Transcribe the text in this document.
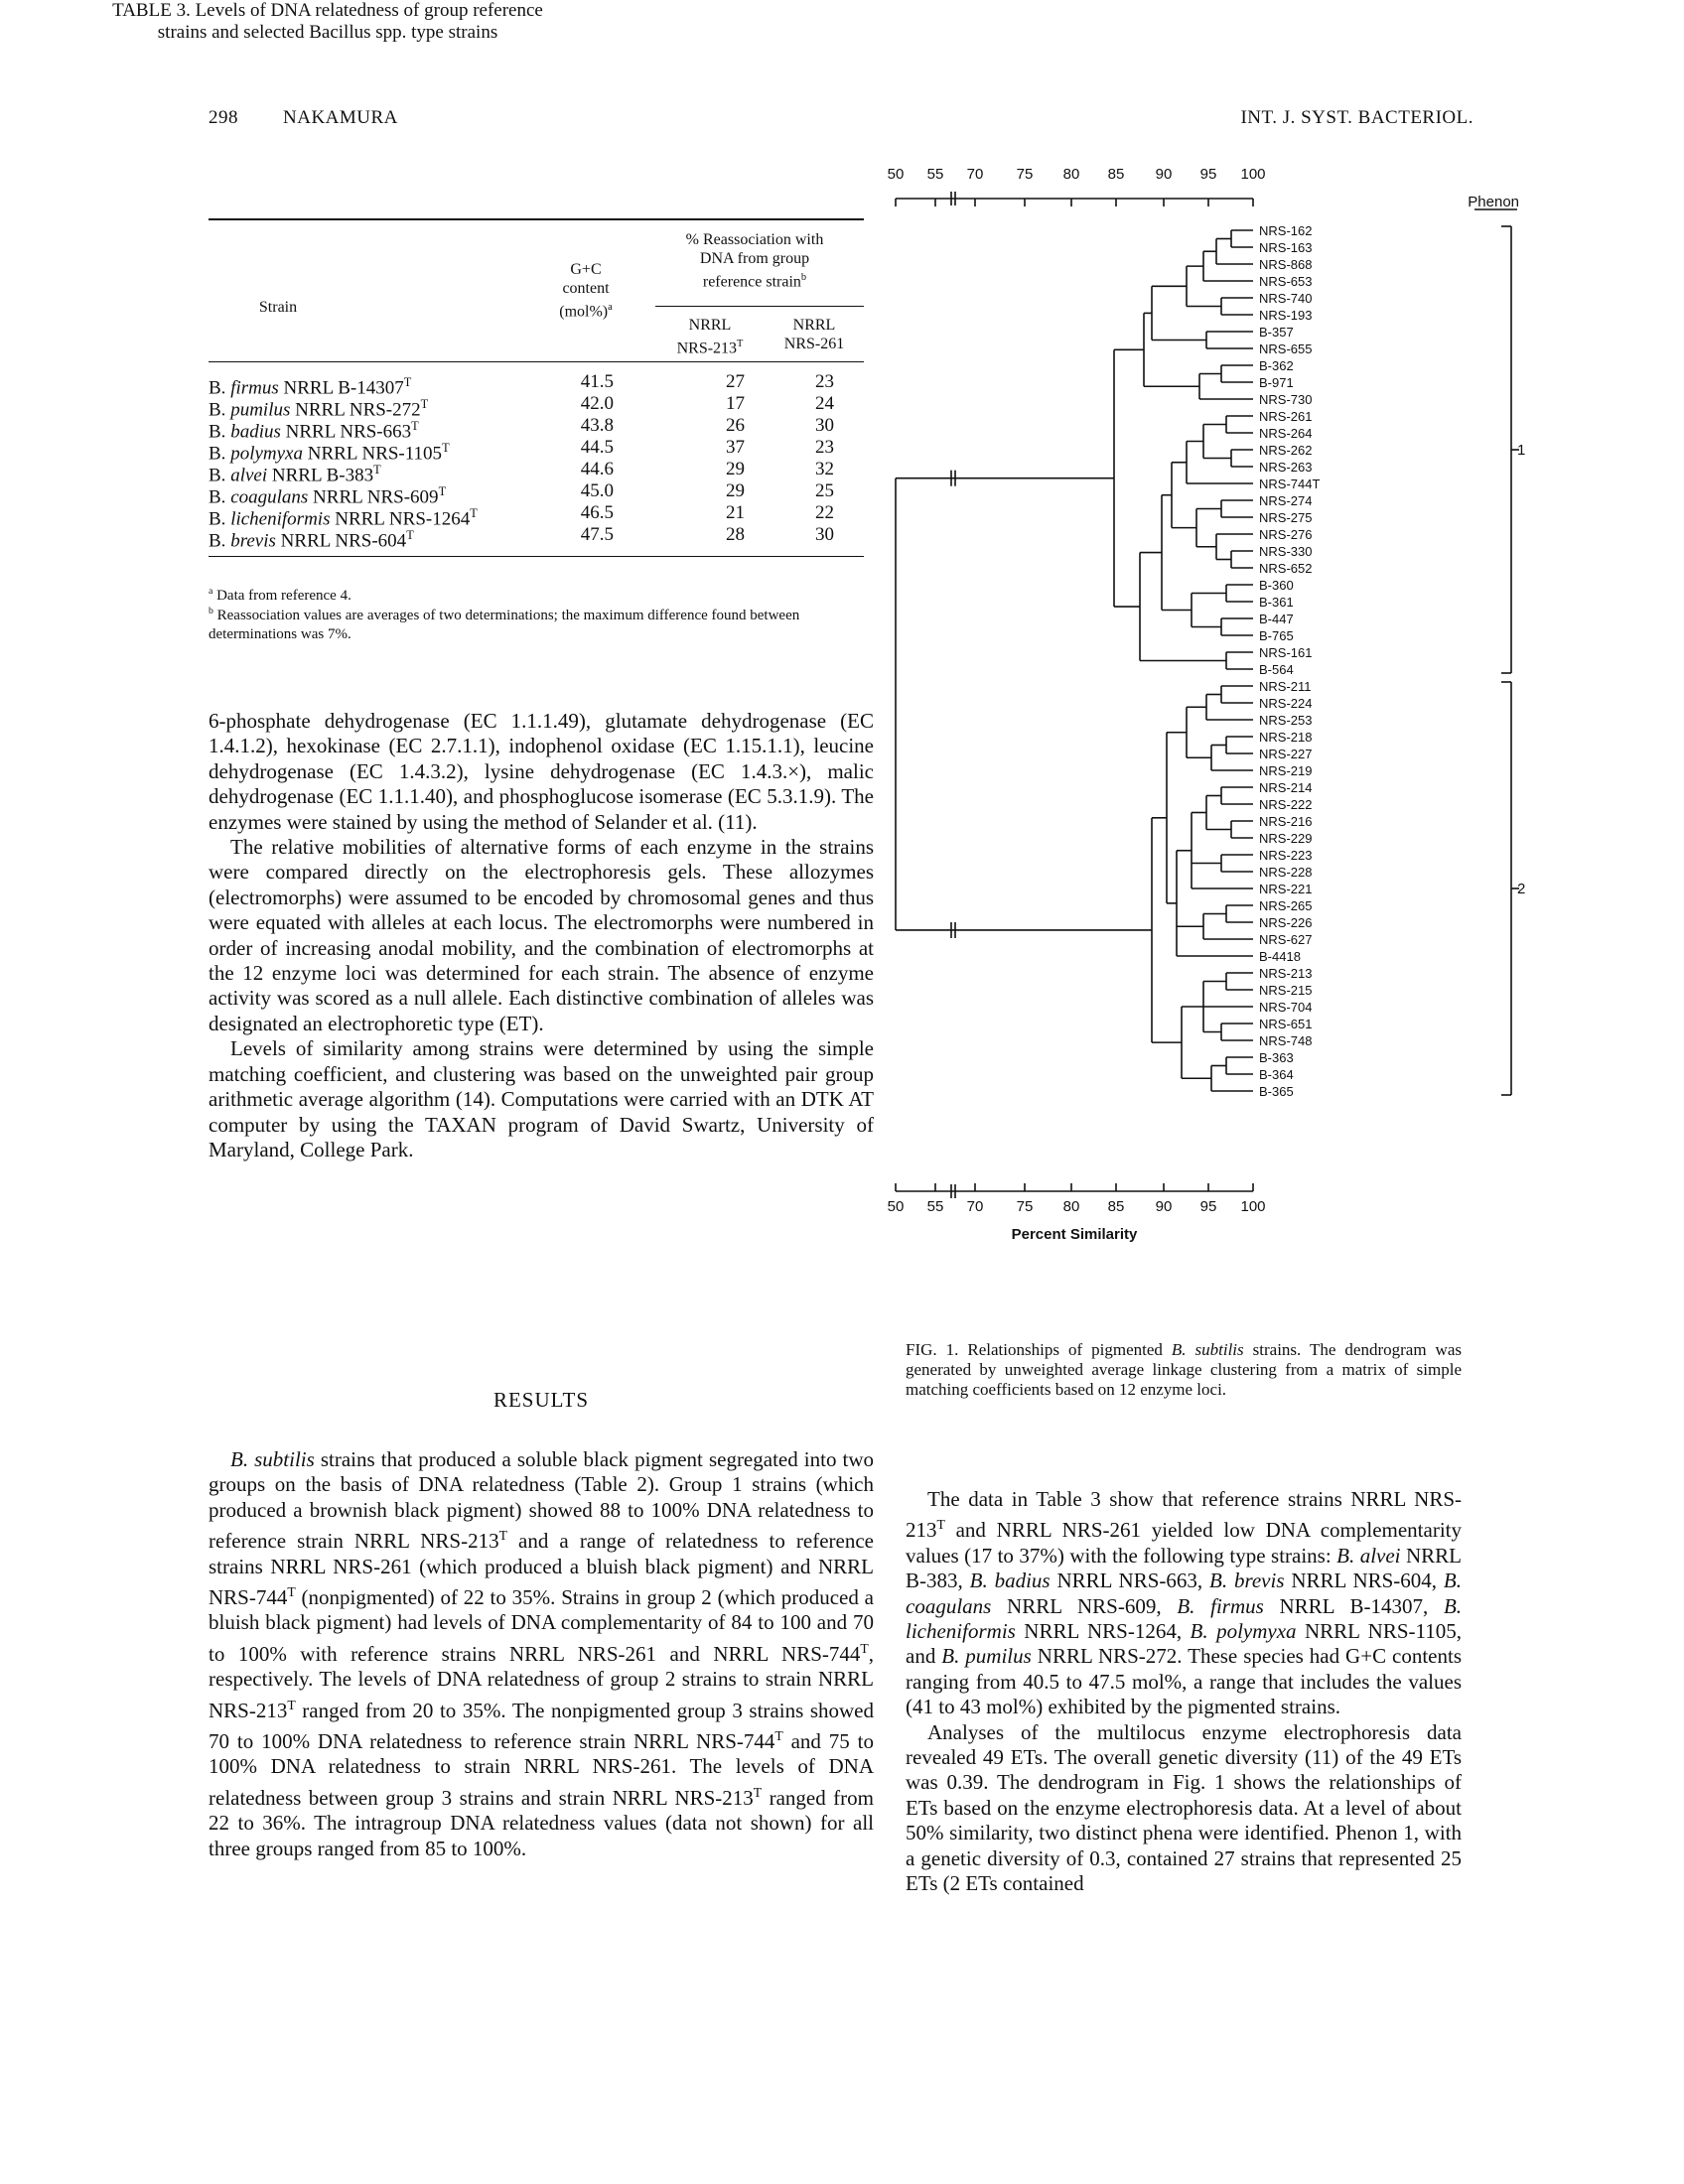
298 NAKAMURA	INT. J. SYST. BACTERIOL.
TABLE 3. Levels of DNA relatedness of group reference
strains and selected Bacillus spp. type strains
Strain
G+C
content
$(mol\%)^a$
% Reassociation with
DNA from group
reference strain$^b$
NRRL
NRS-$213^T$
NRRL
NRS-261
B. firmus NRRL $B-14307^T$	41.5	27	23
B. pumilus NRRL NRS-$272^T$	42.0	17	24
B. badius NRRL NRS-$663^T$	43.8	26	30
B. polymyxa NRRL NRS-$1105^T$	44.5	37	23
B. alvei NRRL $B-383^T$	44.6	29	32
B. coagulans NRRL NRS-$609^T$	45.0	29	25
B. licheniformis NRRL NRS-$1264^T$	46.5	21	22
B. brevis NRRL NRS-$604^T$	47.5	28	30
$^a$ Data from reference 4.
$^b$ Reassociation values are averages of two determinations; the maximum difference found between determinations was 7%.

6-phosphate dehydrogenase (EC 1.1.1.49), glutamate dehydrogenase (EC 1.4.1.2), hexokinase (EC 2.7.1.1), indophenol oxidase (EC 1.15.1.1), leucine dehydrogenase (EC 1.4.3.2), lysine dehydrogenase (EC 1.4.3.×), malic dehydrogenase (EC 1.1.1.40), and phosphoglucose isomerase (EC 5.3.1.9). The enzymes were stained by using the method of Selander et al. (11).

The relative mobilities of alternative forms of each enzyme in the strains were compared directly on the electrophoresis gels. These allozymes (electromorphs) were assumed to be encoded by chromosomal genes and thus were equated with alleles at each locus. The electromorphs were numbered in order of increasing anodal mobility, and the combination of electromorphs at the 12 enzyme loci was determined for each strain. The absence of enzyme activity was scored as a null allele. Each distinctive combination of alleles was designated an electrophoretic type (ET).

Levels of similarity among strains were determined by using the simple matching coefficient, and clustering was based on the unweighted pair group arithmetic average algorithm (14). Computations were carried with an DTK AT computer by using the TAXAN program of David Swartz, University of Maryland, College Park.

RESULTS

B. subtilis strains that produced a soluble black pigment segregated into two groups on the basis of DNA relatedness (Table 2). Group 1 strains (which produced a brownish black pigment) showed 88 to 100% DNA relatedness to reference strain NRRL NRS-$213^T$ and a range of relatedness to reference strains NRRL NRS-261 (which produced a bluish black pigment) and NRRL NRS-$744^T$ (nonpigmented) of 22 to 35%. Strains in group 2 (which produced a bluish black pigment) had levels of DNA complementarity of 84 to 100 and 70 to 100% with reference strains NRRL NRS-261 and NRRL NRS-$744^T$, respectively. The levels of DNA relatedness of group 2 strains to strain NRRL NRS-$213^T$ ranged from 20 to 35%. The nonpigmented group 3 strains showed 70 to 100% DNA relatedness to reference strain NRRL NRS-$744^T$ and 75 to 100% DNA relatedness to strain NRRL NRS-261. The levels of DNA relatedness between group 3 strains and strain NRRL NRS-$213^T$ ranged from 22 to 36%. The intragroup DNA relatedness values (data not shown) for all three groups ranged from 85 to 100%.

50 55 70 75 80 85 90 95 100
50 55 70 75 80 85 90 95 100
Percent Similarity
Phenon
NRS-162
NRS-163
NRS-868
NRS-653
NRS-740
NRS-193
B-357
NRS-655
B-362
B-971
NRS-730
NRS-261
NRS-264
NRS-262
NRS-263
NRS-744T
NRS-274
NRS-275
NRS-276
NRS-330
NRS-652
B-360
B-361
B-447
B-765
NRS-161
B-564
NRS-211
NRS-224
NRS-253
NRS-218
NRS-227
NRS-219
NRS-214
NRS-222
NRS-216
NRS-229
NRS-223
NRS-228
NRS-221
NRS-265
NRS-226
NRS-627
B-4418
NRS-213
NRS-215
NRS-704
NRS-651
NRS-748
B-363
B-364
B-365
1
2
FIG. 1. Relationships of pigmented B. subtilis strains. The dendrogram was generated by unweighted average linkage clustering from a matrix of simple matching coefficients based on 12 enzyme loci.

The data in Table 3 show that reference strains NRRL NRS-$213^T$ and NRRL NRS-261 yielded low DNA complementarity values (17 to 37%) with the following type strains: B. alvei NRRL B-383, B. badius NRRL NRS-663, B. brevis NRRL NRS-604, B. coagulans NRRL NRS-609, B. firmus NRRL B-14307, B. licheniformis NRRL NRS-1264, B. polymyxa NRRL NRS-1105, and B. pumilus NRRL NRS-272. These species had G+C contents ranging from 40.5 to 47.5 mol%, a range that includes the values (41 to 43 mol%) exhibited by the pigmented strains.

Analyses of the multilocus enzyme electrophoresis data revealed 49 ETs. The overall genetic diversity (11) of the 49 ETs was 0.39. The dendrogram in Fig. 1 shows the relationships of ETs based on the enzyme electrophoresis data. At a level of about 50% similarity, two distinct phena were identified. Phenon 1, with a genetic diversity of 0.3, contained 27 strains that represented 25 ETs (2 ETs contained
